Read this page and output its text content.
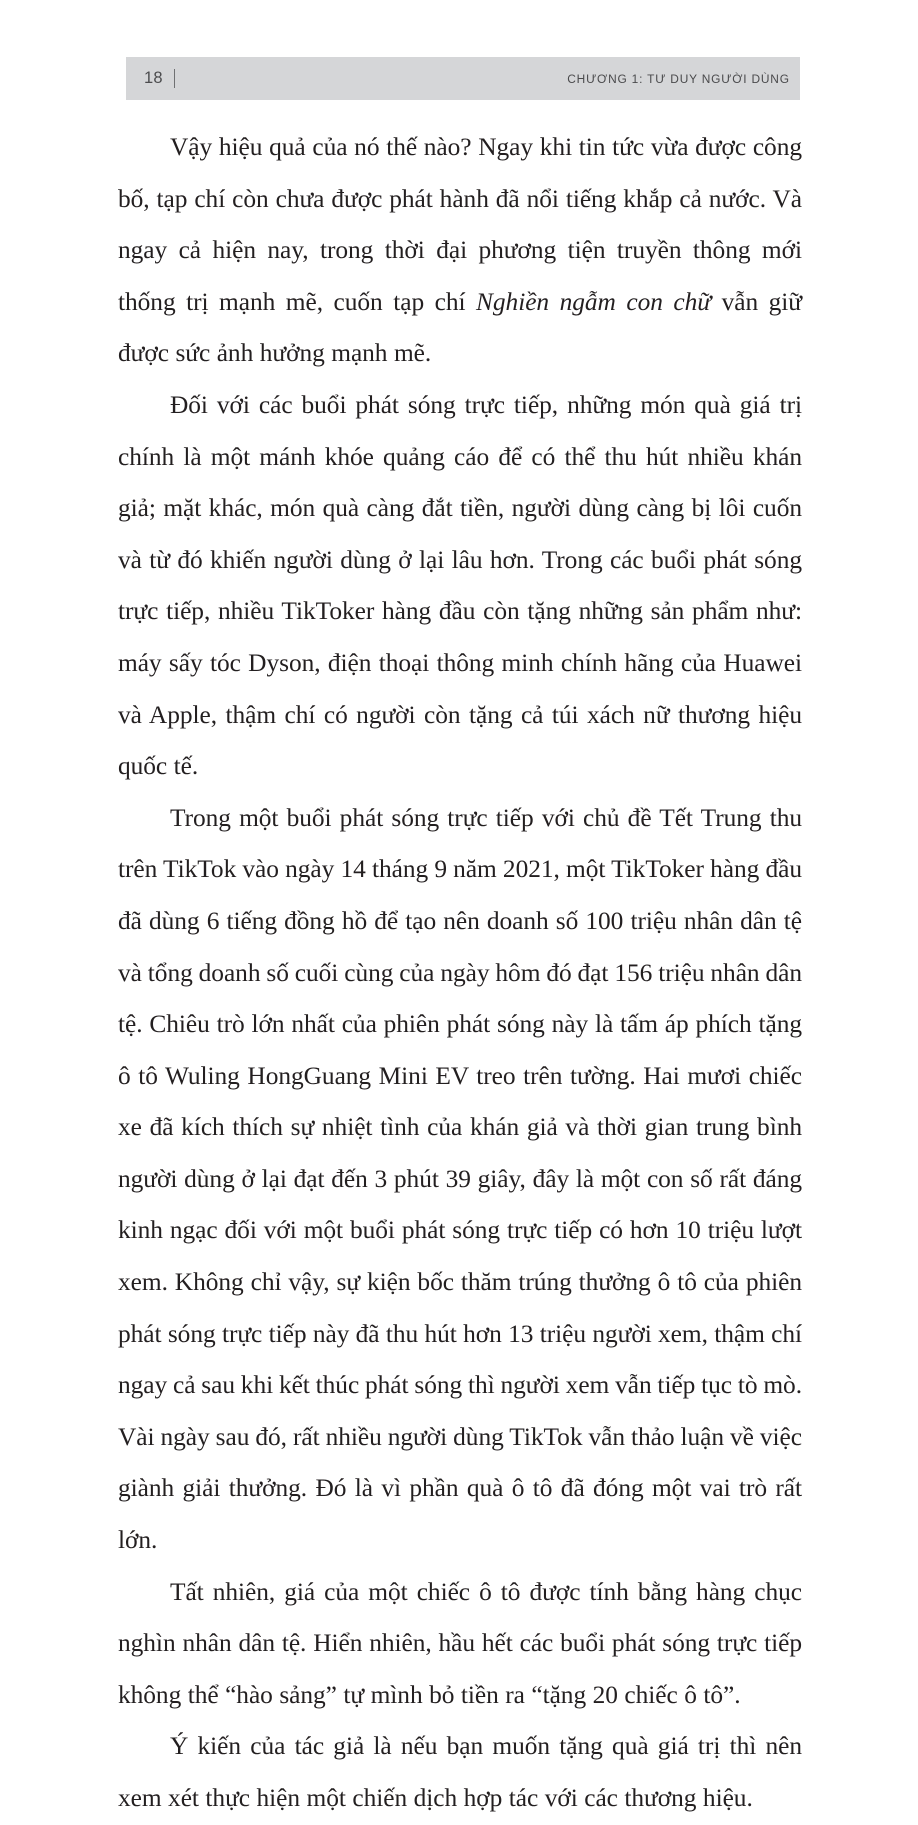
18	CHƯƠNG 1: TƯ DUY NGƯỜI DÙNG

Vậy hiệu quả của nó thế nào? Ngay khi tin tức vừa được công bố, tạp chí còn chưa được phát hành đã nổi tiếng khắp cả nước. Và ngay cả hiện nay, trong thời đại phương tiện truyền thông mới thống trị mạnh mẽ, cuốn tạp chí Nghiền ngẫm con chữ vẫn giữ được sức ảnh hưởng mạnh mẽ.

Đối với các buổi phát sóng trực tiếp, những món quà giá trị chính là một mánh khóe quảng cáo để có thể thu hút nhiều khán giả; mặt khác, món quà càng đắt tiền, người dùng càng bị lôi cuốn và từ đó khiến người dùng ở lại lâu hơn. Trong các buổi phát sóng trực tiếp, nhiều TikToker hàng đầu còn tặng những sản phẩm như: máy sấy tóc Dyson, điện thoại thông minh chính hãng của Huawei và Apple, thậm chí có người còn tặng cả túi xách nữ thương hiệu quốc tế.

Trong một buổi phát sóng trực tiếp với chủ đề Tết Trung thu trên TikTok vào ngày 14 tháng 9 năm 2021, một TikToker hàng đầu đã dùng 6 tiếng đồng hồ để tạo nên doanh số 100 triệu nhân dân tệ và tổng doanh số cuối cùng của ngày hôm đó đạt 156 triệu nhân dân tệ. Chiêu trò lớn nhất của phiên phát sóng này là tấm áp phích tặng ô tô Wuling HongGuang Mini EV treo trên tường. Hai mươi chiếc xe đã kích thích sự nhiệt tình của khán giả và thời gian trung bình người dùng ở lại đạt đến 3 phút 39 giây, đây là một con số rất đáng kinh ngạc đối với một buổi phát sóng trực tiếp có hơn 10 triệu lượt xem. Không chỉ vậy, sự kiện bốc thăm trúng thưởng ô tô của phiên phát sóng trực tiếp này đã thu hút hơn 13 triệu người xem, thậm chí ngay cả sau khi kết thúc phát sóng thì người xem vẫn tiếp tục tò mò. Vài ngày sau đó, rất nhiều người dùng TikTok vẫn thảo luận về việc giành giải thưởng. Đó là vì phần quà ô tô đã đóng một vai trò rất lớn.

Tất nhiên, giá của một chiếc ô tô được tính bằng hàng chục nghìn nhân dân tệ. Hiển nhiên, hầu hết các buổi phát sóng trực tiếp không thể “hào sảng” tự mình bỏ tiền ra “tặng 20 chiếc ô tô”.

Ý kiến của tác giả là nếu bạn muốn tặng quà giá trị thì nên xem xét thực hiện một chiến dịch hợp tác với các thương hiệu.
